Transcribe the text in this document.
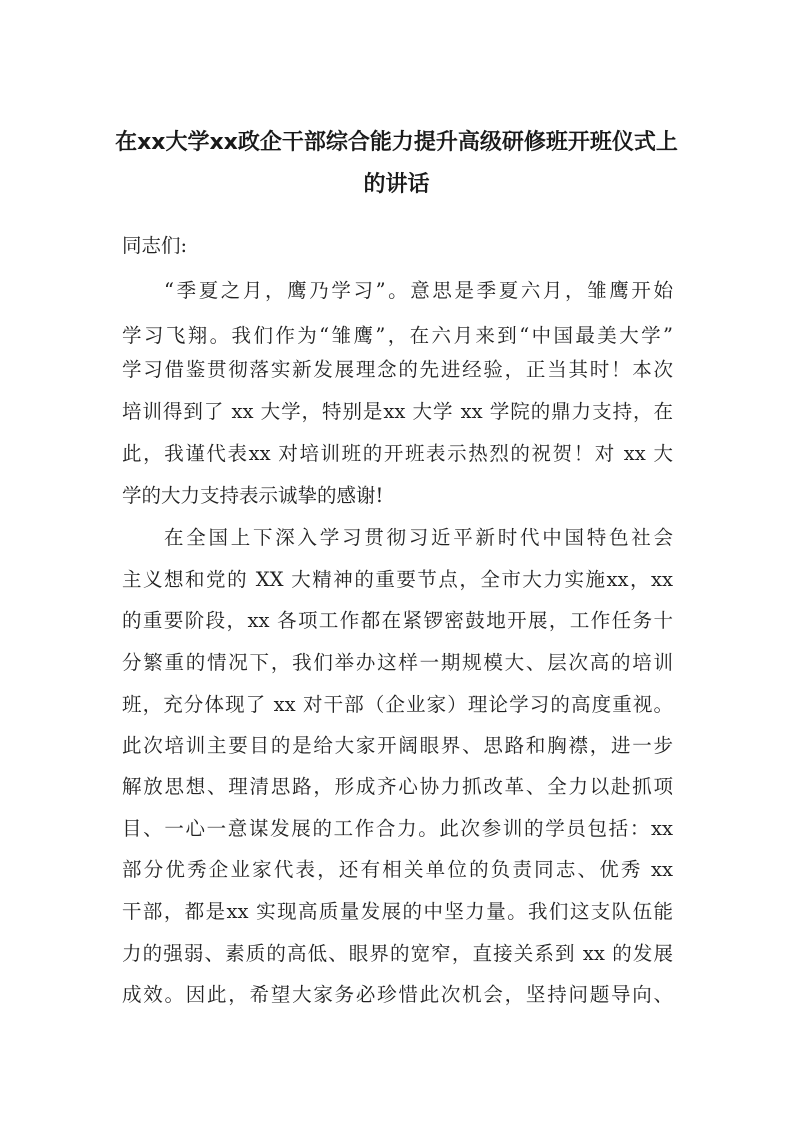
在xx大学xx政企干部综合能力提升高级研修班开班仪式上
的讲话
同志们:
“季夏之月，鹰乃学习”。意思是季夏六月，雏鹰开始
学习飞翔。我们作为“雏鹰”，在六月来到“中国最美大学”
学习借鉴贯彻落实新发展理念的先进经验，正当其时！本次
培训得到了 xx 大学，特别是xx 大学 xx 学院的鼎力支持，在
此，我谨代表xx 对培训班的开班表示热烈的祝贺！对 xx 大
学的大力支持表示诚挚的感谢!
在全国上下深入学习贯彻习近平新时代中国特色社会
主义想和党的 XX 大精神的重要节点，全市大力实施xx，xx
的重要阶段，xx 各项工作都在紧锣密鼓地开展，工作任务十
分繁重的情况下，我们举办这样一期规模大、层次高的培训
班，充分体现了 xx 对干部（企业家）理论学习的高度重视。
此次培训主要目的是给大家开阔眼界、思路和胸襟，进一步
解放思想、理清思路，形成齐心协力抓改革、全力以赴抓项
目、一心一意谋发展的工作合力。此次参训的学员包括：xx
部分优秀企业家代表，还有相关单位的负责同志、优秀 xx
干部，都是xx 实现高质量发展的中坚力量。我们这支队伍能
力的强弱、素质的高低、眼界的宽窄，直接关系到 xx 的发展
成效。因此，希望大家务必珍惜此次机会，坚持问题导向、
